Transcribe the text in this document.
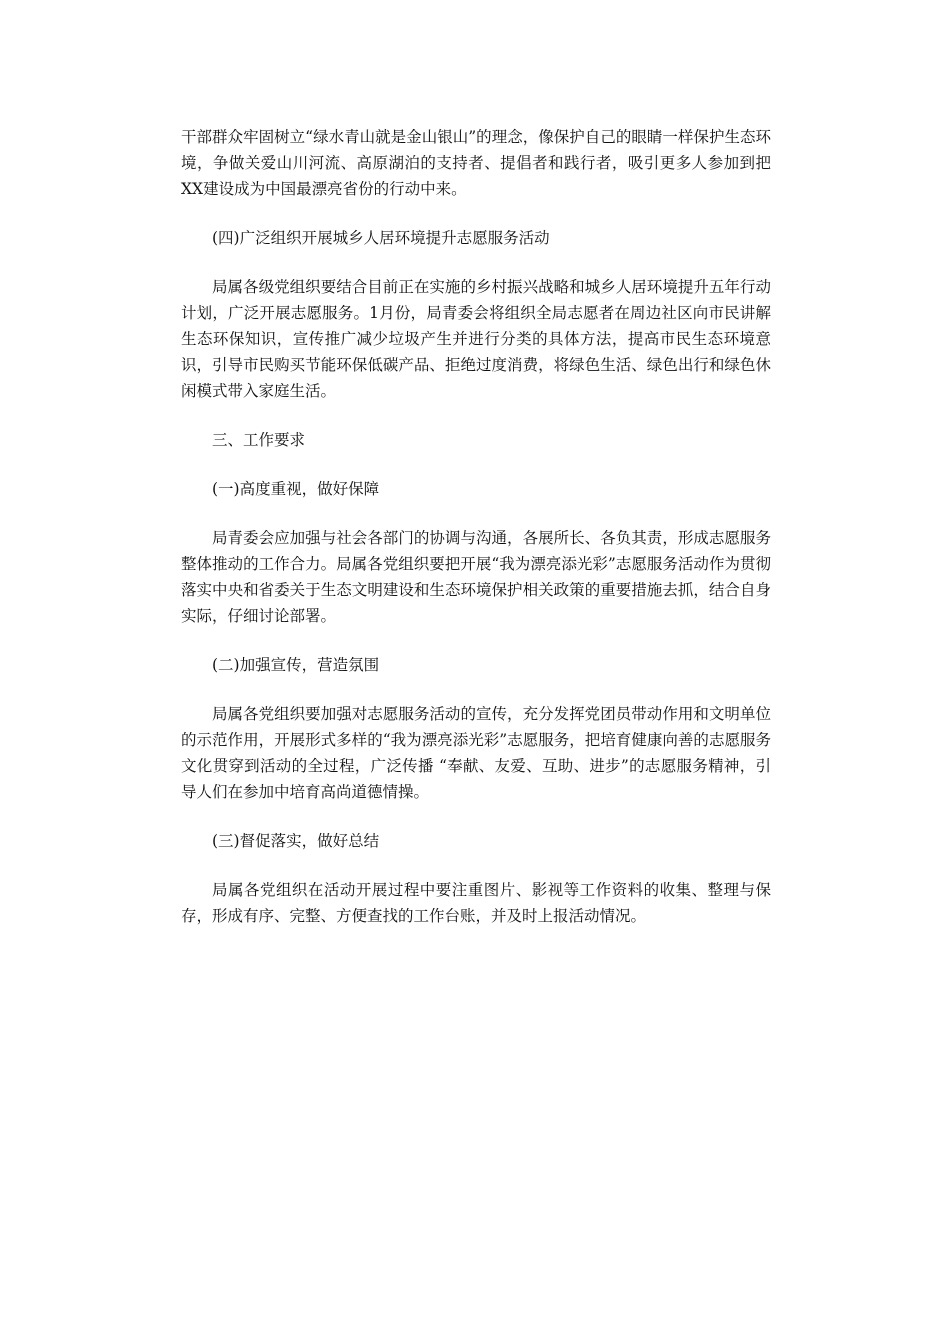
干部群众牢固树立“绿水青山就是金山银山”的理念，像保护自己的眼睛一样保护生态环境，争做关爱山川河流、高原湖泊的支持者、提倡者和践行者，吸引更多人参加到把XX建设成为中国最漂亮省份的行动中来。

(四)广泛组织开展城乡人居环境提升志愿服务活动

局属各级党组织要结合目前正在实施的乡村振兴战略和城乡人居环境提升五年行动计划，广泛开展志愿服务。1月份，局青委会将组织全局志愿者在周边社区向市民讲解生态环保知识，宣传推广减少垃圾产生并进行分类的具体方法，提高市民生态环境意识，引导市民购买节能环保低碳产品、拒绝过度消费，将绿色生活、绿色出行和绿色休闲模式带入家庭生活。

三、工作要求

(一)高度重视，做好保障

局青委会应加强与社会各部门的协调与沟通，各展所长、各负其责，形成志愿服务整体推动的工作合力。局属各党组织要把开展“我为漂亮添光彩”志愿服务活动作为贯彻落实中央和省委关于生态文明建设和生态环境保护相关政策的重要措施去抓，结合自身实际，仔细讨论部署。

(二)加强宣传，营造氛围

局属各党组织要加强对志愿服务活动的宣传，充分发挥党团员带动作用和文明单位的示范作用，开展形式多样的“我为漂亮添光彩”志愿服务，把培育健康向善的志愿服务文化贯穿到活动的全过程，广泛传播 “奉献、友爱、互助、进步”的志愿服务精神，引导人们在参加中培育高尚道德情操。

(三)督促落实，做好总结

局属各党组织在活动开展过程中要注重图片、影视等工作资料的收集、整理与保存，形成有序、完整、方便查找的工作台账，并及时上报活动情况。
